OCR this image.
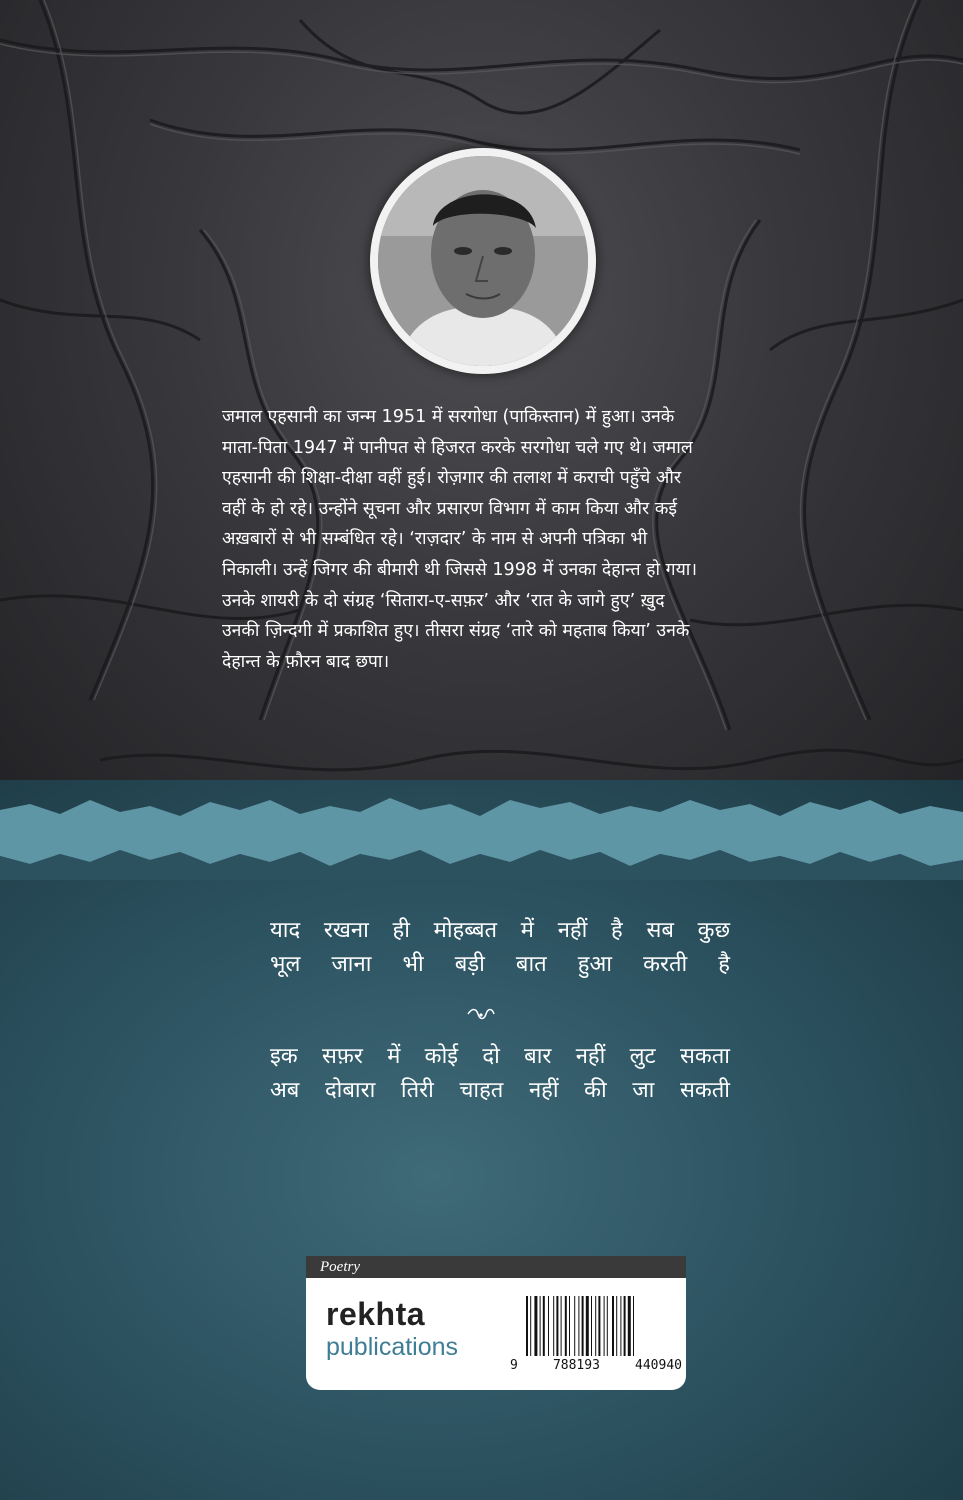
जमाल एहसानी का जन्म 1951 में सरगोधा (पाकिस्तान) में हुआ। उनके
माता-पिता 1947 में पानीपत से हिजरत करके सरगोधा चले गए थे। जमाल
एहसानी की शिक्षा-दीक्षा वहीं हुई। रोज़गार की तलाश में कराची पहुँचे और
वहीं के हो रहे। उन्होंने सूचना और प्रसारण विभाग में काम किया और कई
अख़बारों से भी सम्बंधित रहे। ‘राज़दार’ के नाम से अपनी पत्रिका भी
निकाली। उन्हें जिगर की बीमारी थी जिससे 1998 में उनका देहान्त हो गया।
उनके शायरी के दो संग्रह ‘सितारा-ए-सफ़र’ और ‘रात के जागे हुए’ ख़ुद
उनकी ज़िन्दगी में प्रकाशित हुए। तीसरा संग्रह ‘तारे को महताब किया’ उनके
देहान्त के फ़ौरन बाद छपा।
याद रखना ही मोहब्बत में नहीं है सब कुछ
भूल जाना भी बड़ी बात हुआ करती है
इक सफ़र में कोई दो बार नहीं लुट सकता
अब दोबारा तिरी चाहत नहीं की जा सकती
Poetry
rekhta
publications
9	788193	440940
